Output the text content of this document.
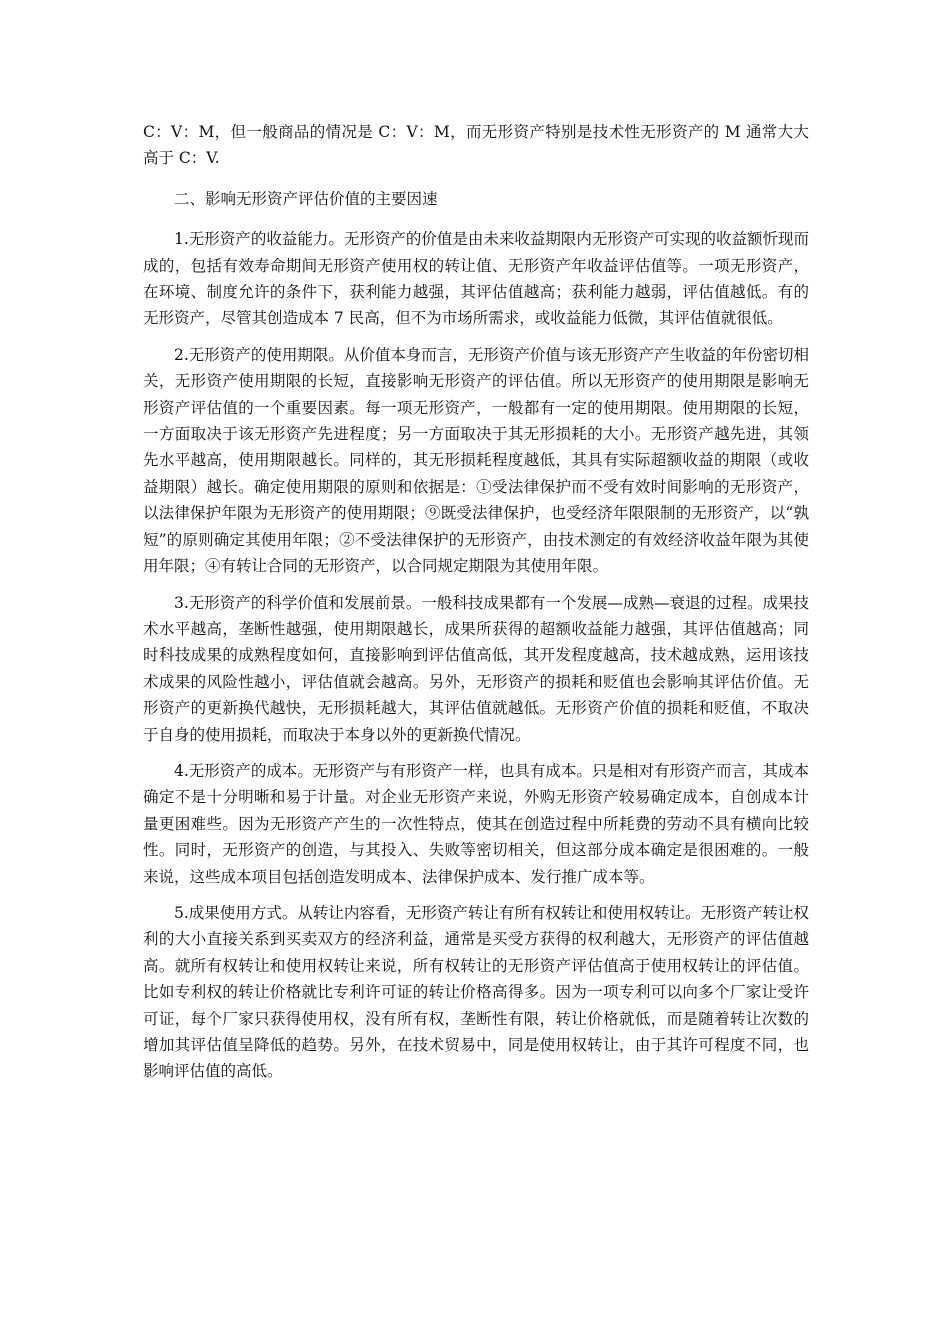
C：V：M，但一般商品的情况是 C：V：M，而无形资产特别是技术性无形资产的 M 通常大大高于 C：V.

二、影响无形资产评估价值的主要因速

1.无形资产的收益能力。无形资产的价值是由未来收益期限内无形资产可实现的收益额忻现而成的，包括有效寿命期间无形资产使用权的转让值、无形资产年收益评估值等。一项无形资产，在环境、制度允许的条件下，获利能力越强，其评估值越高；获利能力越弱，评估值越低。有的无形资产，尽管其创造成本 7 民高，但不为市场所需求，或收益能力低微，其评估值就很低。

2.无形资产的使用期限。从价值本身而言，无形资产价值与该无形资产产生收益的年份密切相关，无形资产使用期限的长短，直接影响无形资产的评估值。所以无形资产的使用期限是影响无形资产评估值的一个重要因素。每一项无形资产，一般都有一定的使用期限。使用期限的长短，一方面取决于该无形资产先进程度；另一方面取决于其无形损耗的大小。无形资产越先进，其领先水平越高，使用期限越长。同样的，其无形损耗程度越低，其具有实际超额收益的期限（或收益期限）越长。确定使用期限的原则和依据是：①受法律保护而不受有效时间影响的无形资产，以法律保护年限为无形资产的使用期限；⑨既受法律保护，也受经济年限限制的无形资产，以“孰短”的原则确定其使用年限；②不受法律保护的无形资产，由技术测定的有效经济收益年限为其使用年限；④有转让合同的无形资产，以合同规定期限为其使用年限。

3.无形资产的科学价值和发展前景。一般科技成果都有一个发展—成熟—衰退的过程。成果技术水平越高，垄断性越强，使用期限越长，成果所获得的超额收益能力越强，其评估值越高；同时科技成果的成熟程度如何，直接影响到评估值高低，其开发程度越高，技术越成熟，运用该技术成果的风险性越小，评估值就会越高。另外，无形资产的损耗和贬值也会影响其评估价值。无形资产的更新换代越快，无形损耗越大，其评估值就越低。无形资产价值的损耗和贬值，不取决于自身的使用损耗，而取决于本身以外的更新换代情况。

4.无形资产的成本。无形资产与有形资产一样，也具有成本。只是相对有形资产而言，其成本确定不是十分明晰和易于计量。对企业无形资产来说，外购无形资产较易确定成本，自创成本计量更困难些。因为无形资产产生的一次性特点，使其在创造过程中所耗费的劳动不具有横向比较性。同时，无形资产的创造，与其投入、失败等密切相关，但这部分成本确定是很困难的。一般来说，这些成本项目包括创造发明成本、法律保护成本、发行推广成本等。

5.成果使用方式。从转让内容看，无形资产转让有所有权转让和使用权转让。无形资产转让权利的大小直接关系到买卖双方的经济利益，通常是买受方获得的权利越大，无形资产的评估值越高。就所有权转让和使用权转让来说，所有权转让的无形资产评估值高于使用权转让的评估值。比如专利权的转让价格就比专利许可证的转让价格高得多。因为一项专利可以向多个厂家让受许可证，每个厂家只获得使用权，没有所有权，垄断性有限，转让价格就低，而是随着转让次数的增加其评估值呈降低的趋势。另外，在技术贸易中，同是使用权转让，由于其许可程度不同，也影响评估值的高低。
